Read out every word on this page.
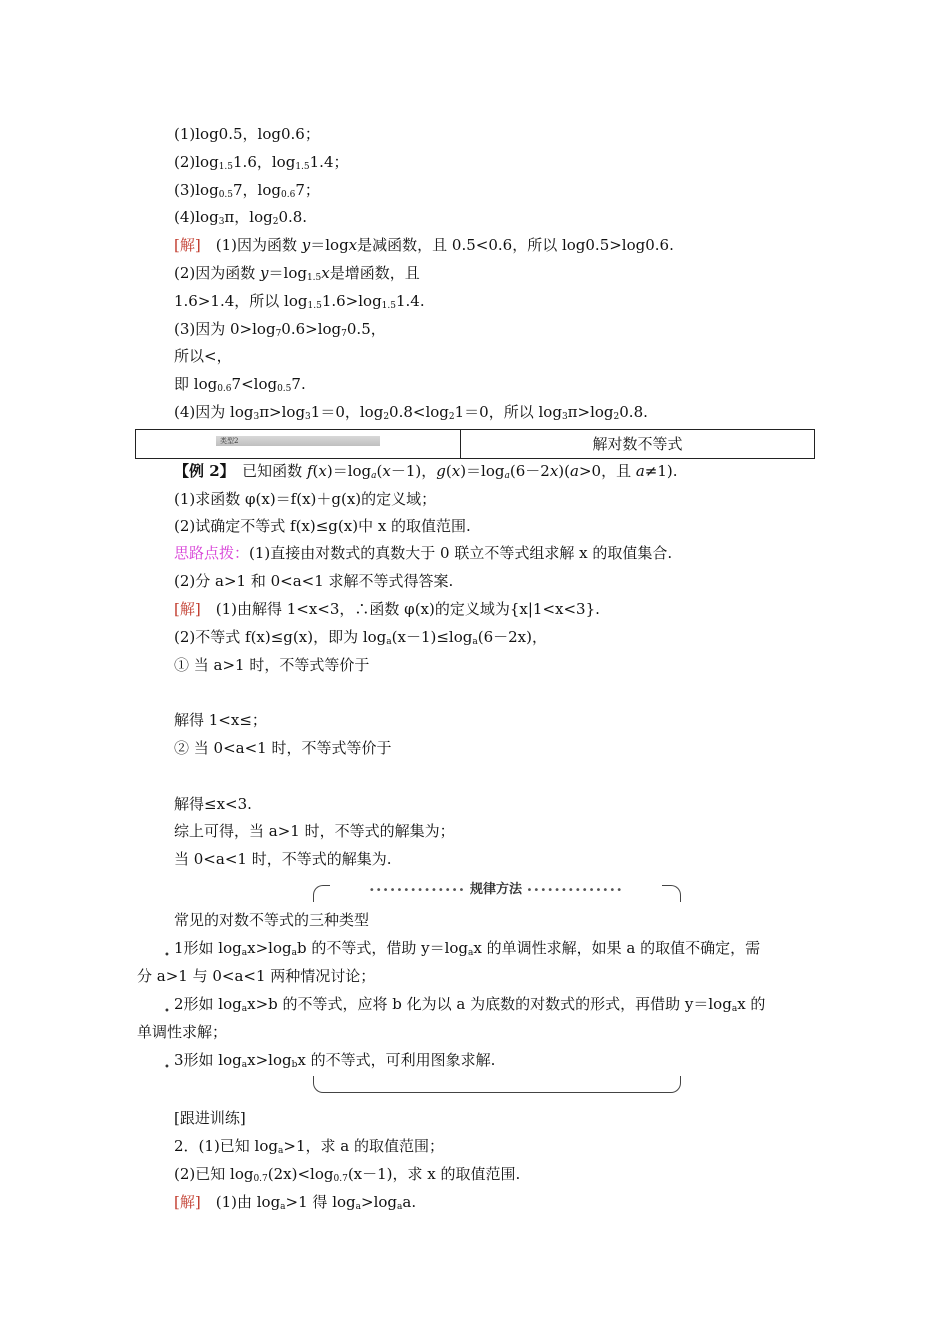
(1)log0.5，log0.6；
$(2)\log_{1.5}1.6$，$\log_{1.5}1.4$；
$(3)\log_{0.5}7$，$\log_{0.6}7$；
$(4)\log_3\pi$，$\log_20.8$.
[解]　(1)因为函数 y＝logx是减函数，且 0.5<0.6，所以 log0.5>log0.6.
(2)因为函数 $y=\log_{1.5}x$是增函数，且
1.6>1.4，所以 $\log_{1.5}1.6>\log_{1.5}1.4$.
(3)因为 $0>\log_70.6>\log_70.5$，
所以<，
即 $\log_{0.6}7<\log_{0.5}7$.
(4)因为 $\log_3\pi>\log_31=0$，$\log_20.8<\log_21=0$，所以 $\log_3\pi>\log_20.8$.
类型2	解对数不等式
【例 2】　已知函数 $f(x)=\log_a(x-1)$，$g(x)=\log_a(6-2x)(a>0$，且 a≠1).
(1)求函数 φ(x)＝f(x)＋g(x)的定义域；
(2)试确定不等式 f(x)≤g(x)中 x 的取值范围.
思路点拨：(1)直接由对数式的真数大于 0 联立不等式组求解 x 的取值集合.
(2)分 a>1 和 0<a<1 求解不等式得答案.
[解]　(1)由解得 1<x<3，∴函数 φ(x)的定义域为{x|1<x<3}.
(2)不等式 f(x)≤g(x)，即为 $\log_a(x-1)\le\log_a(6-2x)$，
① 当 a>1 时，不等式等价于
解得 1<x≤；
② 当 0<a<1 时，不等式等价于
解得≤x<3.
综上可得，当 a>1 时，不等式的解集为；
当 0<a<1 时，不等式的解集为.
•••••••••••••• 规律方法 ••••••••••••••
常见的对数不等式的三种类型
• 1形如 $\log_ax>\log_ab$ 的不等式，借助 $y=\log_ax$ 的单调性求解，如果 a 的取值不确定，需
分 a>1 与 0<a<1 两种情况讨论；
• 2形如 $\log_ax>b$ 的不等式，应将 b 化为以 a 为底数的对数式的形式，再借助 $y=\log_ax$ 的
单调性求解；
• 3形如 $\log_ax>\log_bx$ 的不等式，可利用图象求解.
[跟进训练]
2．(1)已知 $\log_a>1$，求 a 的取值范围；
(2)已知 $\log_{0.7}(2x)<\log_{0.7}(x-1)$，求 x 的取值范围.
[解]　(1)由 $\log_a>1$ 得 $\log_a>\log_aa$.
